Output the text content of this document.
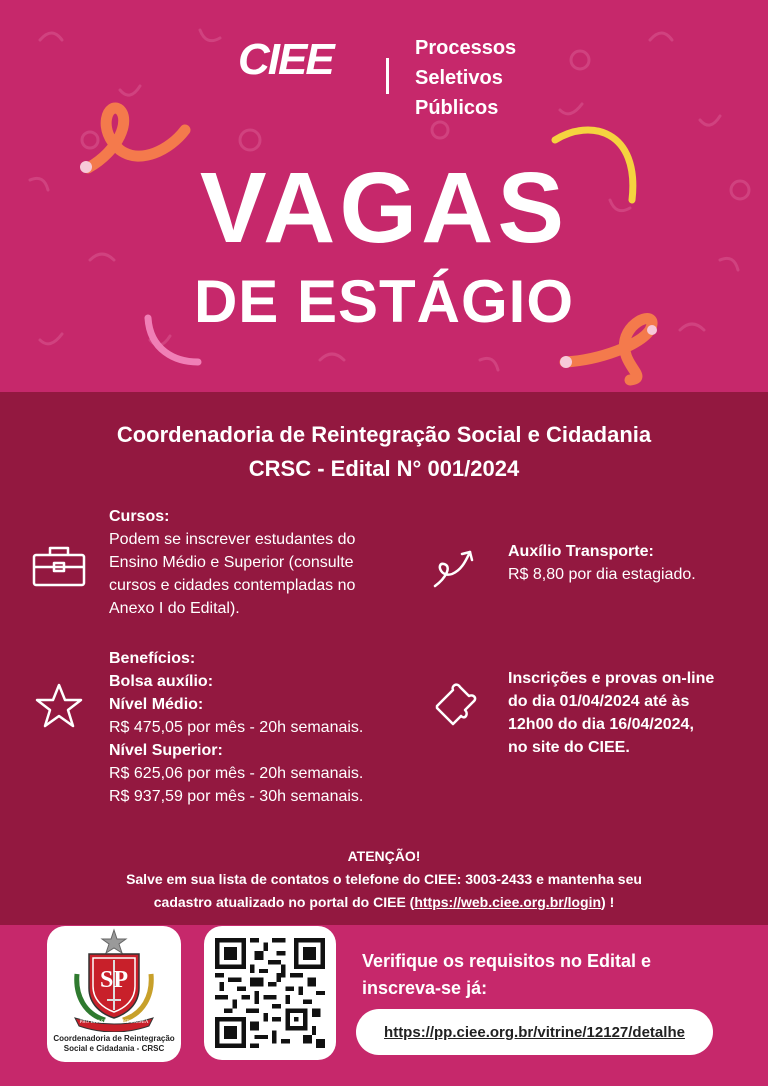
CIEE	Processos
Seletivos
Públicos
VAGAS
DE ESTÁGIO
Coordenadoria de Reintegração Social e Cidadania
CRSC - Edital N° 001/2024
Cursos:
Podem se inscrever estudantes do
Ensino Médio e Superior (consulte
cursos e cidades contempladas no
Anexo I do Edital).
Auxílio Transporte:
R$ 8,80 por dia estagiado.
Benefícios:
Bolsa auxílio:
Nível Médio:
R$ 475,05 por mês - 20h semanais.
Nível Superior:
R$ 625,06 por mês - 20h semanais.
R$ 937,59 por mês - 30h semanais.
Inscrições e provas on-line
do dia 01/04/2024 até às
12h00 do dia 16/04/2024,
no site do CIEE.
ATENÇÃO!
Salve em sua lista de contatos o telefone do CIEE: 3003-2433 e mantenha seu
cadastro atualizado no portal do CIEE (https://web.ciee.org.br/login) !
SP
PRO BRASILIA FIANT EXIMIA
Coordenadoria de Reintegração
Social e Cidadania - CRSC
Verifique os requisitos no Edital e
inscreva-se já:
https://pp.ciee.org.br/vitrine/12127/detalhe
